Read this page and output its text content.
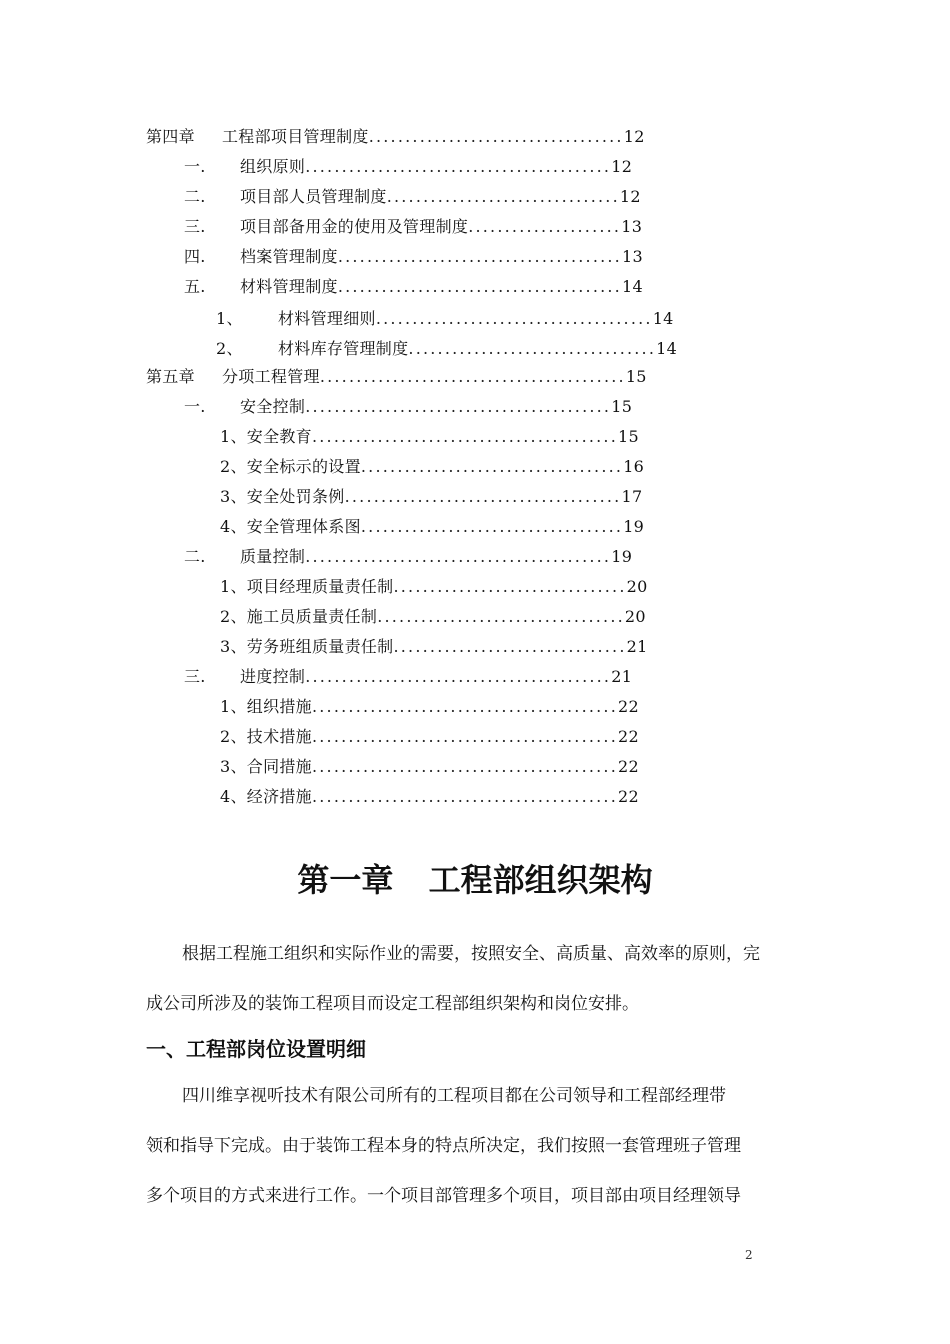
第四章 工程部项目管理制度...................................12
一. 组织原则..........................................12
二. 项目部人员管理制度................................12
三. 项目部备用金的使用及管理制度.....................13
四. 档案管理制度.......................................13
五. 材料管理制度.......................................14
1、 材料管理细则......................................14
2、 材料库存管理制度..................................14
第五章 分项工程管理..........................................15
一. 安全控制..........................................15
1、安全教育..........................................15
2、安全标示的设置....................................16
3、安全处罚条例......................................17
4、安全管理体系图....................................19
二. 质量控制..........................................19
1、项目经理质量责任制................................20
2、施工员质量责任制..................................20
3、劳务班组质量责任制................................21
三. 进度控制..........................................21
1、组织措施..........................................22
2、技术措施..........................................22
3、合同措施..........................................22
4、经济措施..........................................22
第一章 工程部组织架构
根据工程施工组织和实际作业的需要，按照安全、高质量、高效率的原则，完
成公司所涉及的装饰工程项目而设定工程部组织架构和岗位安排。
一、工程部岗位设置明细
四川维享视听技术有限公司所有的工程项目都在公司领导和工程部经理带
领和指导下完成。由于装饰工程本身的特点所决定，我们按照一套管理班子管理
多个项目的方式来进行工作。一个项目部管理多个项目，项目部由项目经理领导
2
